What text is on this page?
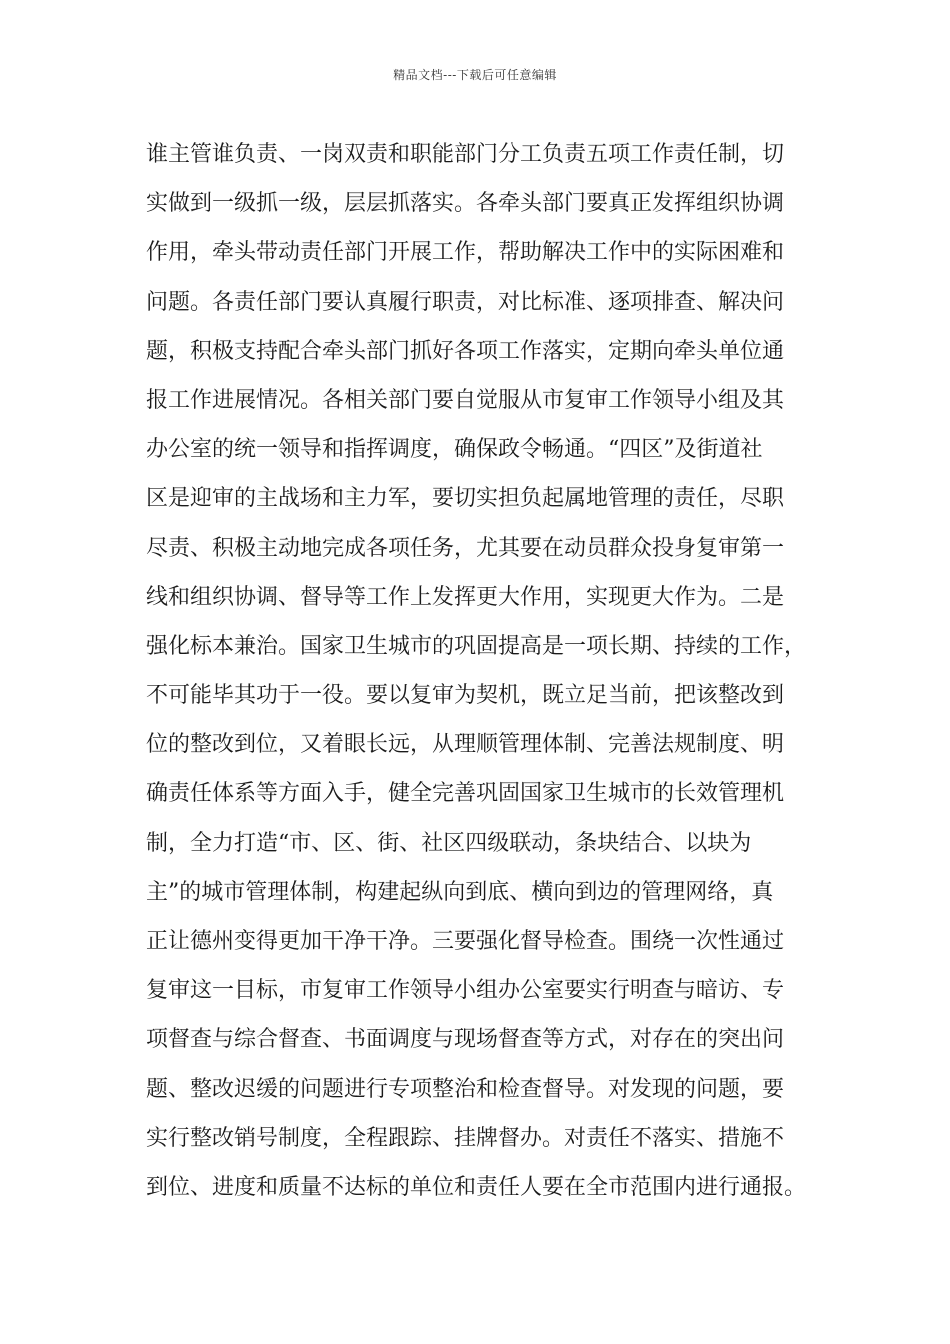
精品文档---下载后可任意编辑
谁主管谁负责、一岗双责和职能部门分工负责五项工作责任制，切
实做到一级抓一级，层层抓落实。各牵头部门要真正发挥组织协调
作用，牵头带动责任部门开展工作，帮助解决工作中的实际困难和
问题。各责任部门要认真履行职责，对比标准、逐项排查、解决问
题，积极支持配合牵头部门抓好各项工作落实，定期向牵头单位通
报工作进展情况。各相关部门要自觉服从市复审工作领导小组及其
办公室的统一领导和指挥调度，确保政令畅通。“四区”及街道社
区是迎审的主战场和主力军，要切实担负起属地管理的责任，尽职
尽责、积极主动地完成各项任务，尤其要在动员群众投身复审第一
线和组织协调、督导等工作上发挥更大作用，实现更大作为。二是
强化标本兼治。国家卫生城市的巩固提高是一项长期、持续的工作，
不可能毕其功于一役。要以复审为契机，既立足当前，把该整改到
位的整改到位，又着眼长远，从理顺管理体制、完善法规制度、明
确责任体系等方面入手，健全完善巩固国家卫生城市的长效管理机
制，全力打造“市、区、街、社区四级联动，条块结合、以块为
主”的城市管理体制，构建起纵向到底、横向到边的管理网络，真
正让德州变得更加干净干净。三要强化督导检查。围绕一次性通过
复审这一目标，市复审工作领导小组办公室要实行明查与暗访、专
项督查与综合督查、书面调度与现场督查等方式，对存在的突出问
题、整改迟缓的问题进行专项整治和检查督导。对发现的问题，要
实行整改销号制度，全程跟踪、挂牌督办。对责任不落实、措施不
到位、进度和质量不达标的单位和责任人要在全市范围内进行通报。
